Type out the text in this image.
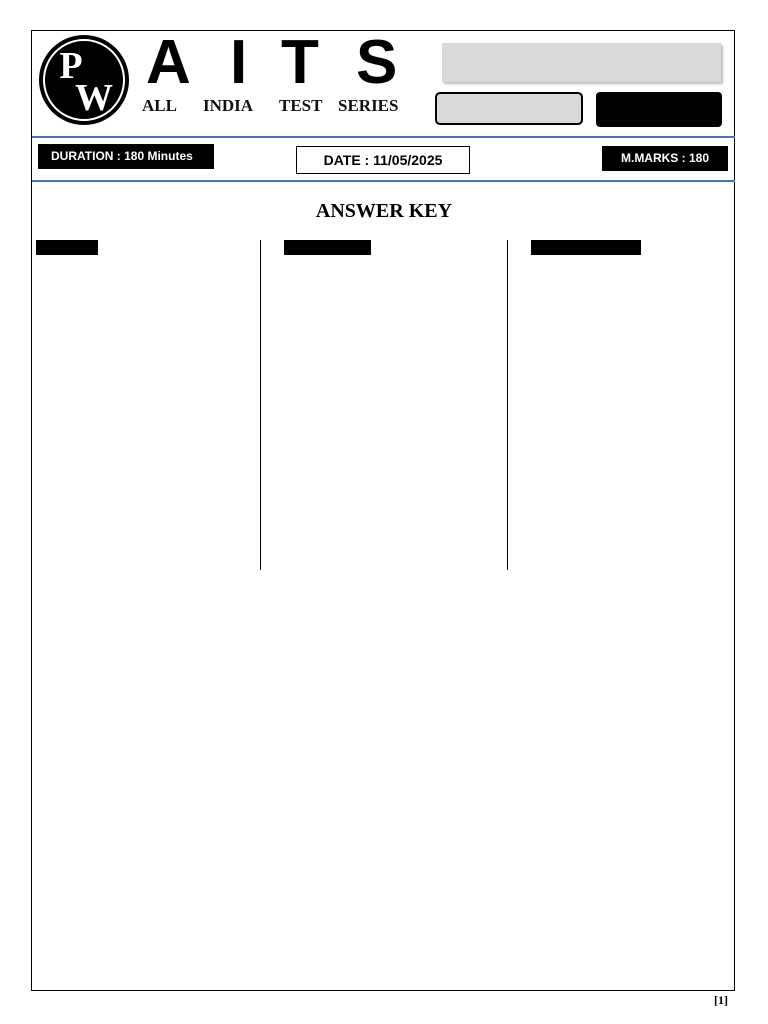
P
W
A I T S
ALL INDIA TEST SERIES
DURATION : 180 Minutes	DATE : 11/05/2025	M.MARKS : 180
ANSWER KEY
[1]
